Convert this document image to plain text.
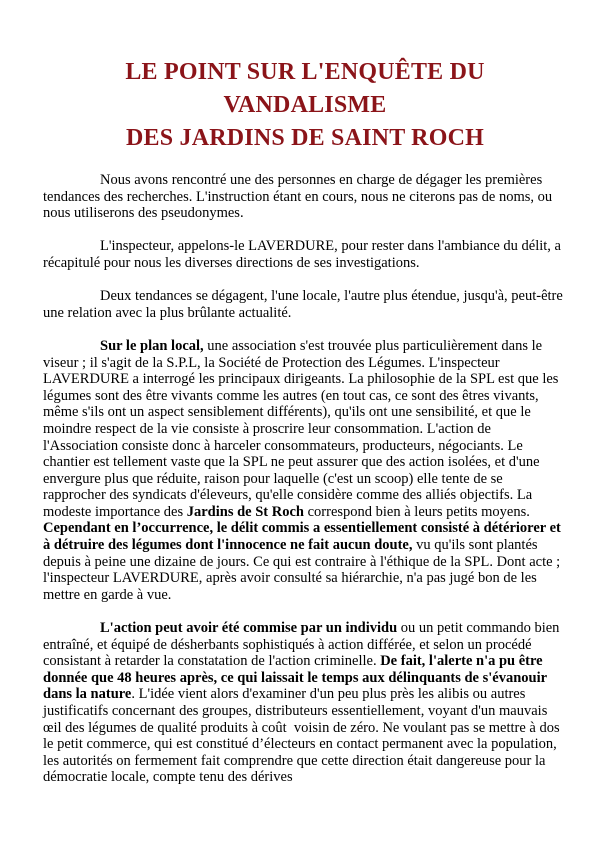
LE POINT SUR L'ENQUÊTE DU
VANDALISME
DES JARDINS DE SAINT ROCH

Nous avons rencontré une des personnes en charge de dégager les premières tendances des recherches. L'instruction étant en cours, nous ne citerons pas de noms, ou nous utiliserons des pseudonymes.

L'inspecteur, appelons-le LAVERDURE, pour rester dans l'ambiance du délit, a récapitulé pour nous les diverses directions de ses investigations.

Deux tendances se dégagent, l'une locale, l'autre plus étendue, jusqu'à, peut-être une relation avec la plus brûlante actualité.

Sur le plan local, une association s'est trouvée plus particulièrement dans le viseur ; il s'agit de la S.P.L, la Société de Protection des Légumes. L'inspecteur LAVERDURE a interrogé les principaux dirigeants. La philosophie de la SPL est que les légumes sont des être vivants comme les autres (en tout cas, ce sont des êtres vivants, même s'ils ont un aspect sensiblement différents), qu'ils ont une sensibilité, et que le moindre respect de la vie consiste à proscrire leur consommation. L'action de l'Association consiste donc à harceler consommateurs, producteurs, négociants. Le chantier est tellement vaste que la SPL ne peut assurer que des action isolées, et d'une envergure plus que réduite, raison pour laquelle (c'est un scoop) elle tente de se rapprocher des syndicats d'éleveurs, qu'elle considère comme des alliés objectifs. La modeste importance des Jardins de St Roch correspond bien à leurs petits moyens. Cependant en l’occurrence, le délit commis a essentiellement consisté à détériorer et à détruire des légumes dont l'innocence ne fait aucun doute, vu qu'ils sont plantés depuis à peine une dizaine de jours. Ce qui est contraire à l'éthique de la SPL. Dont acte ; l'inspecteur LAVERDURE, après avoir consulté sa hiérarchie, n'a pas jugé bon de les mettre en garde à vue.

L'action peut avoir été commise par un individu ou un petit commando bien entraîné, et équipé de désherbants sophistiqués à action différée, et selon un procédé consistant à retarder la constatation de l'action criminelle. De fait, l'alerte n'a pu être donnée que 48 heures après, ce qui laissait le temps aux délinquants de s'évanouir dans la nature. L'idée vient alors d'examiner d'un peu plus près les alibis ou autres justificatifs concernant des groupes, distributeurs essentiellement, voyant d'un mauvais œil des légumes de qualité produits à coût  voisin de zéro. Ne voulant pas se mettre à dos le petit commerce, qui est constitué d’électeurs en contact permanent avec la population, les autorités on fermement fait comprendre que cette direction était dangereuse pour la démocratie locale, compte tenu des dérives
